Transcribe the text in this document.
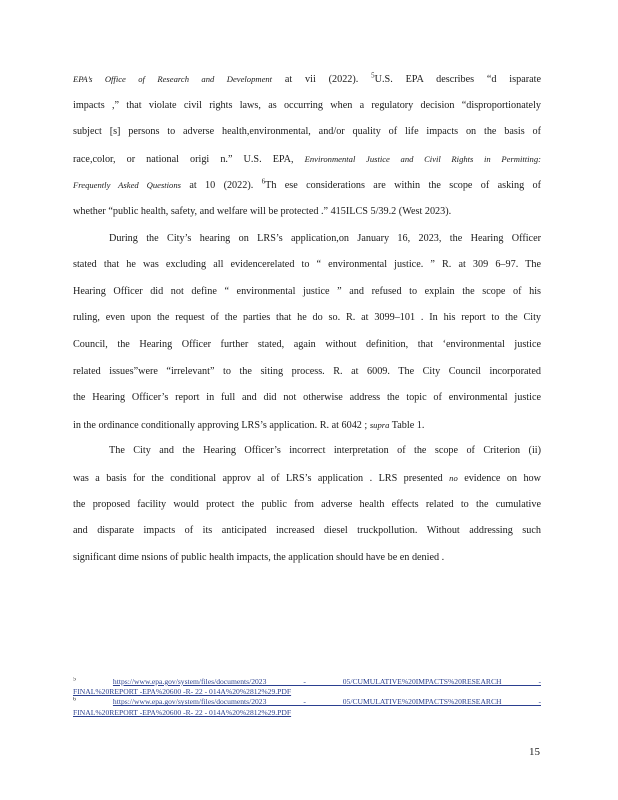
EPA’s Office of Research and Development at vii (2022). $^5$U.S. EPA describes “d isparate
impacts ,” that violate civil rights laws, as occurring when a regulatory decision “disproportionately
subject [s] persons to adverse health,environmental, and/or quality of life impacts on the basis of
race,color, or national origi n.” U.S. EPA, Environmental Justice and Civil Rights in Permitting:
Frequently Asked Questions at 10 (2022). $^6$Th ese considerations are within the scope of asking of
whether “public health, safety, and welfare will be protected .” 415ILCS 5/39.2 (West 2023).
During the City’s hearing on LRS’s application,on January 16, 2023, the Hearing Officer
stated that he was excluding all evidencerelated to “ environmental justice. ” R. at 309 6–97. The
Hearing Officer did not define “ environmental justice ” and refused to explain the scope of his
ruling, even upon the request of the parties that he do so. R. at 3099–101 . In his report to the City
Council, the Hearing Officer further stated, again without definition, that ‘environmental justice
related issues”were “irrelevant” to the siting process. R. at 6009. The City Council incorporated
the Hearing Officer’s report in full and did not otherwise address the topic of environmental justice
in the ordinance conditionally approving LRS’s application. R. at 6042 ; supra Table 1.
The City and the Hearing Officer’s incorrect interpretation of the scope of Criterion (ii)
was a basis for the conditional approv al of LRS’s application . LRS presented no evidence on how
the proposed facility would protect the public from adverse health effects related to the cumulative
and disparate impacts of its anticipated increased diesel truckpollution. Without addressing such
significant dime nsions of public health impacts, the application should have be en denied .
$^5$	https://www.epa.gov/system/files/documents/2023 - 05/CUMULATIVE%20IMPACTS%20RESEARCH -
FINAL%20REPORT -EPA%20600 -R- 22 - 014A%20%2812%29.PDF
$^6$	https://www.epa.gov/system/files/documents/2023 - 05/CUMULATIVE%20IMPACTS%20RESEARCH -
FINAL%20REPORT -EPA%20600 -R- 22 - 014A%20%2812%29.PDF
15
